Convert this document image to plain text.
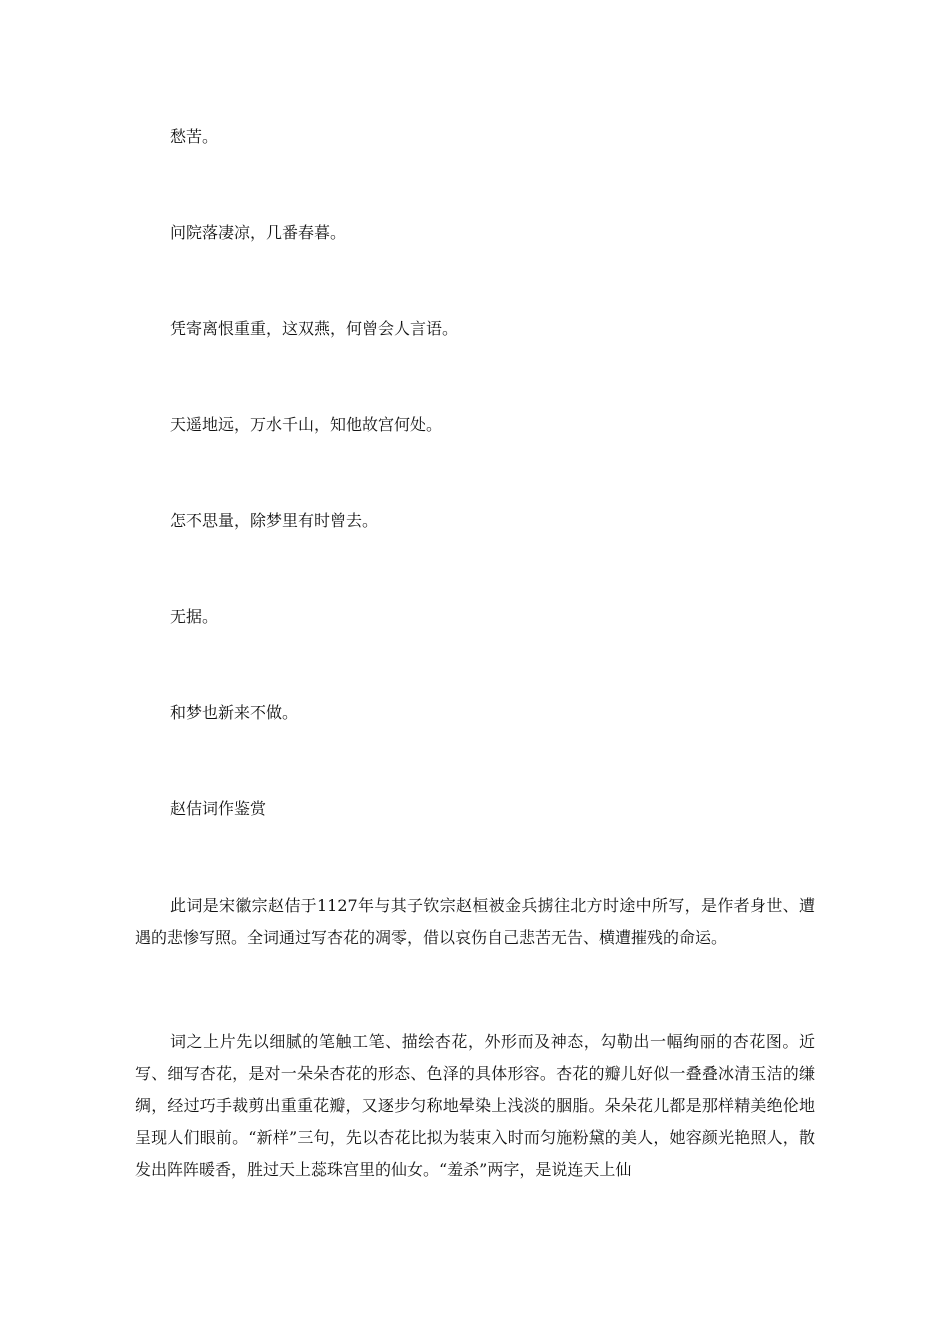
愁苦。
问院落凄凉，几番春暮。
凭寄离恨重重，这双燕，何曾会人言语。
天遥地远，万水千山，知他故宫何处。
怎不思量，除梦里有时曾去。
无据。
和梦也新来不做。
赵佶词作鉴赏
此词是宋徽宗赵佶于1127年与其子钦宗赵桓被金兵掳往北方时途中所写，是作者身世、遭遇的悲惨写照。全词通过写杏花的凋零，借以哀伤自己悲苦无告、横遭摧残的命运。
词之上片先以细腻的笔触工笔、描绘杏花，外形而及神态，勾勒出一幅绚丽的杏花图。近写、细写杏花，是对一朵朵杏花的形态、色泽的具体形容。杏花的瓣儿好似一叠叠冰清玉洁的缣绸，经过巧手裁剪出重重花瓣，又逐步匀称地晕染上浅淡的胭脂。朵朵花儿都是那样精美绝伦地呈现人们眼前。“新样”三句，先以杏花比拟为装束入时而匀施粉黛的美人，她容颜光艳照人，散发出阵阵暖香，胜过天上蕊珠宫里的仙女。“羞杀”两字，是说连天上仙
